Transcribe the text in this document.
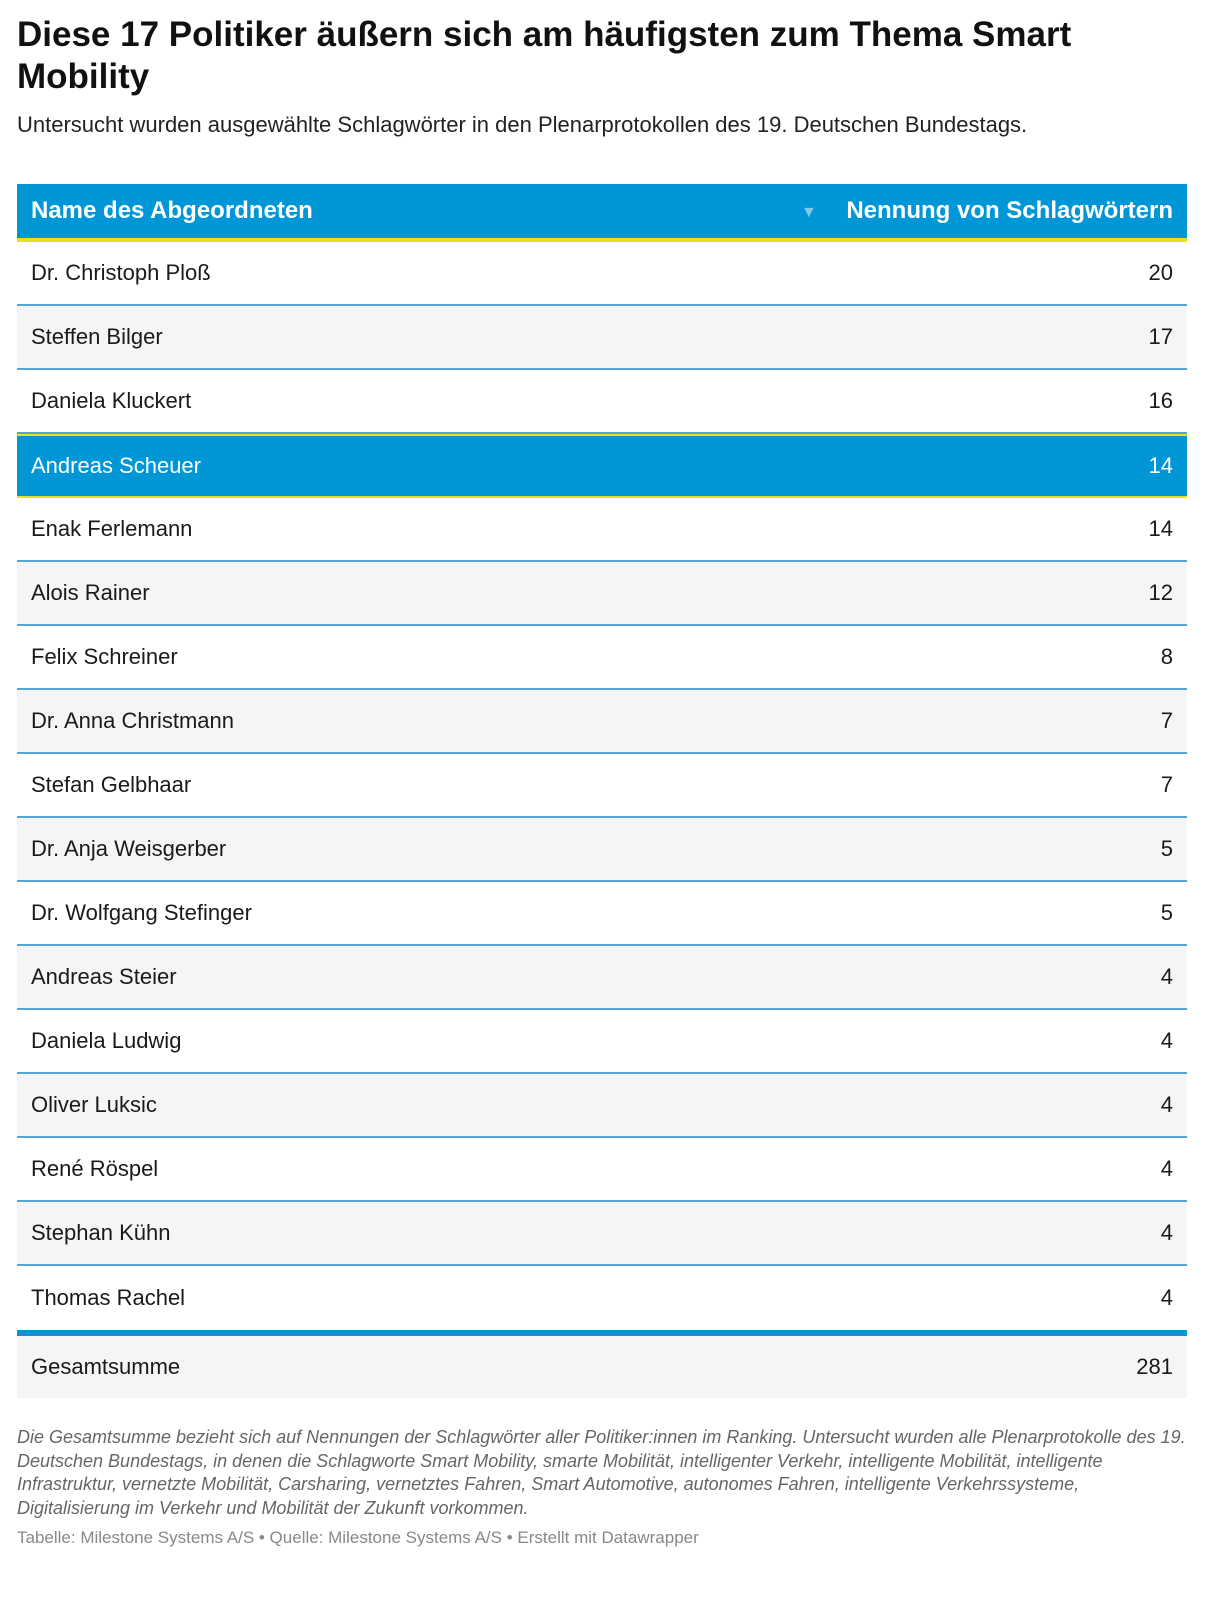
Diese 17 Politiker äußern sich am häufigsten zum Thema Smart Mobility
Untersucht wurden ausgewählte Schlagwörter in den Plenarprotokollen des 19. Deutschen Bundestags.
Name des Abgeordneten	▼ Nennung von Schlagwörtern
Dr. Christoph Ploß	20
Steffen Bilger	17
Daniela Kluckert	16
Andreas Scheuer	14
Enak Ferlemann	14
Alois Rainer	12
Felix Schreiner	8
Dr. Anna Christmann	7
Stefan Gelbhaar	7
Dr. Anja Weisgerber	5
Dr. Wolfgang Stefinger	5
Andreas Steier	4
Daniela Ludwig	4
Oliver Luksic	4
René Röspel	4
Stephan Kühn	4
Thomas Rachel	4
Gesamtsumme	281
Die Gesamtsumme bezieht sich auf Nennungen der Schlagwörter aller Politiker:innen im Ranking. Untersucht wurden alle Plenarprotokolle des 19. Deutschen Bundestags, in denen die Schlagworte Smart Mobility, smarte Mobilität, intelligenter Verkehr, intelligente Mobilität, intelligente Infrastruktur, vernetzte Mobilität, Carsharing, vernetztes Fahren, Smart Automotive, autonomes Fahren, intelligente Verkehrssysteme, Digitalisierung im Verkehr und Mobilität der Zukunft vorkommen.
Tabelle: Milestone Systems A/S • Quelle: Milestone Systems A/S • Erstellt mit Datawrapper
